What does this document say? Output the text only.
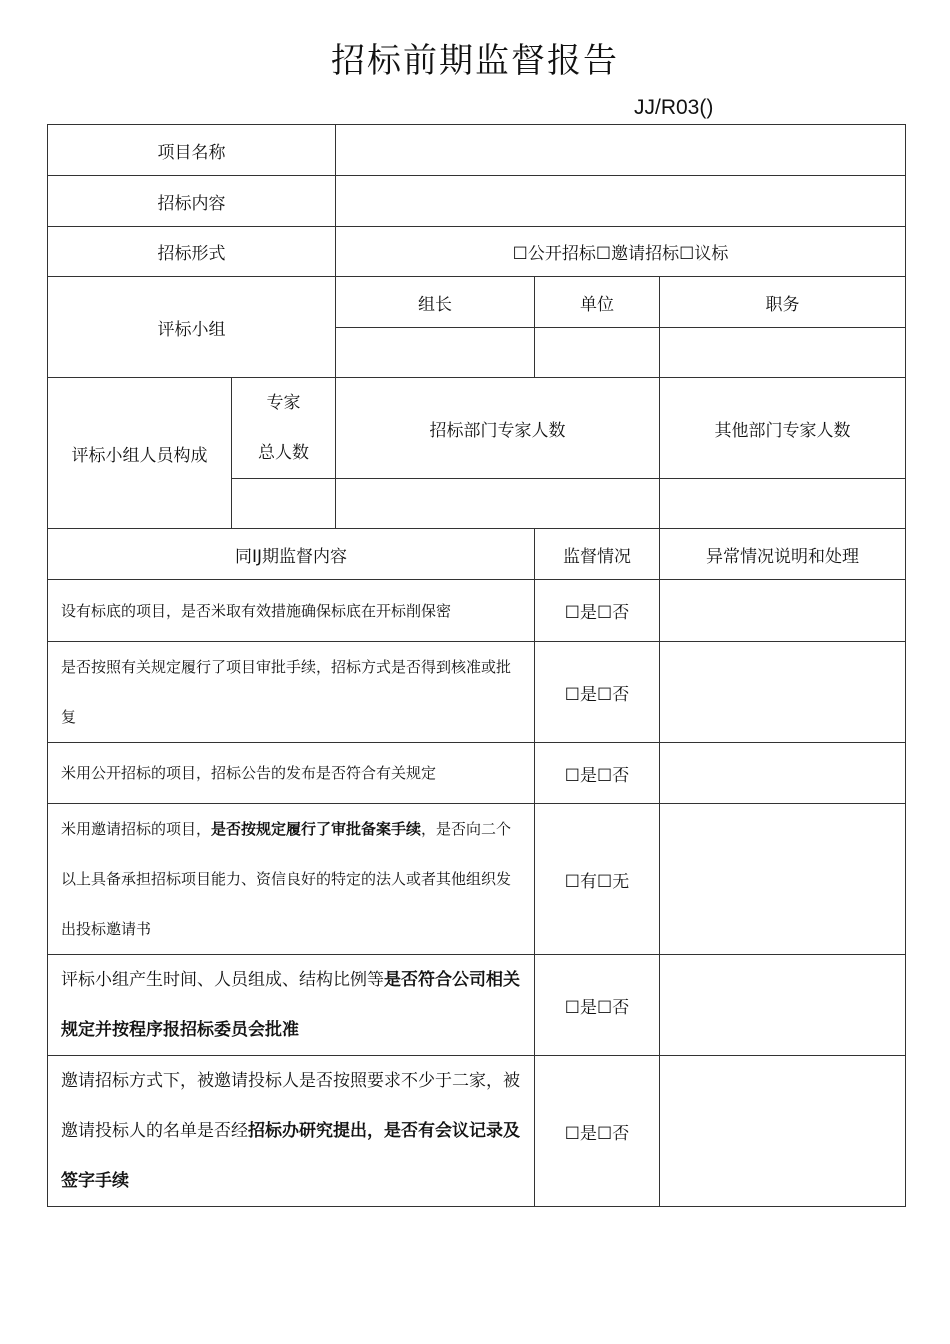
招标前期监督报告
JJ/R03()
项目名称				
招标内容				
招标形式		☐公开招标☐邀请招标☐议标		
评标小组		组长	单位	职务

评标小组人员构成	专家
总人数	招标部门专家人数		其他部门专家人数

同IJ期监督内容			监督情况	异常情况说明和处理
设有标底的项目，是否米取有效措施确保标底在开标削保密			☐是☐否	
是否按照有关规定履行了项目审批手续，招标方式是否得到核准或批复			☐是☐否	
米用公开招标的项目，招标公告的发布是否符合有关规定			☐是☐否	
米用邀请招标的项目，是否按规定履行了审批备案手续，是否向二个以上具备承担招标项目能力、资信良好的特定的法人或者其他组织发出投标邀请书			☐有☐无	
评标小组产生时间、人员组成、结构比例等是否符合公司相关规定并按程序报招标委员会批准			☐是☐否	
邀请招标方式下，被邀请投标人是否按照要求不少于二家，被邀请投标人的名单是否经招标办研究提出，是否有会议记录及签字手续			☐是☐否	
